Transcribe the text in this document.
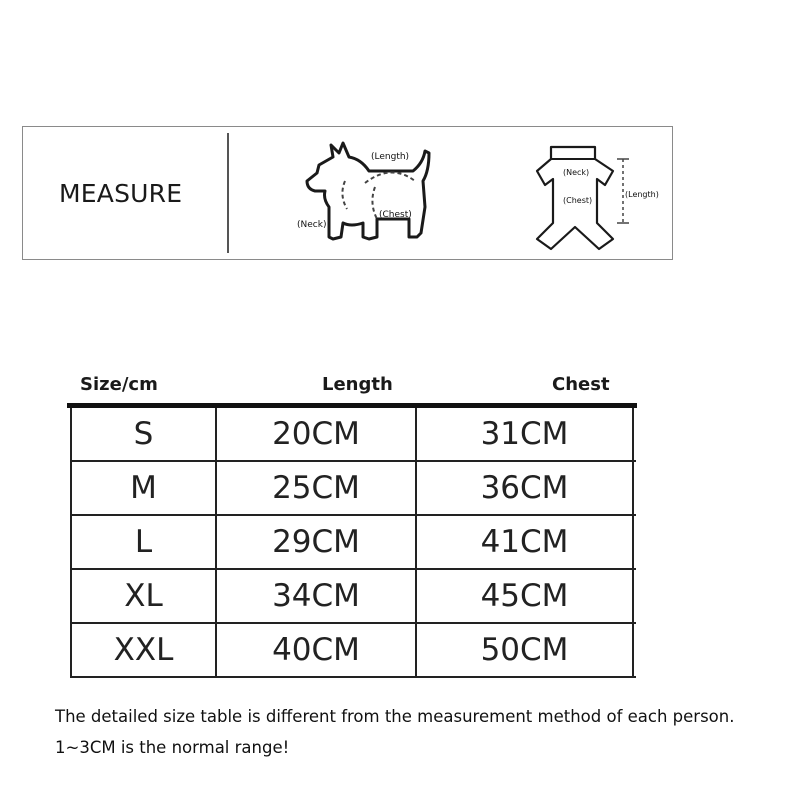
MEASURE
(Length)
(Chest)
(Neck)
(Neck)
(Chest)
(Length)
Size/cm	Length	Chest
S	20CM	31CM
M	25CM	36CM
L	29CM	41CM
XL	34CM	45CM
XXL	40CM	50CM
The detailed size table is different from the measurement method of each person.
1~3CM is the normal range!
